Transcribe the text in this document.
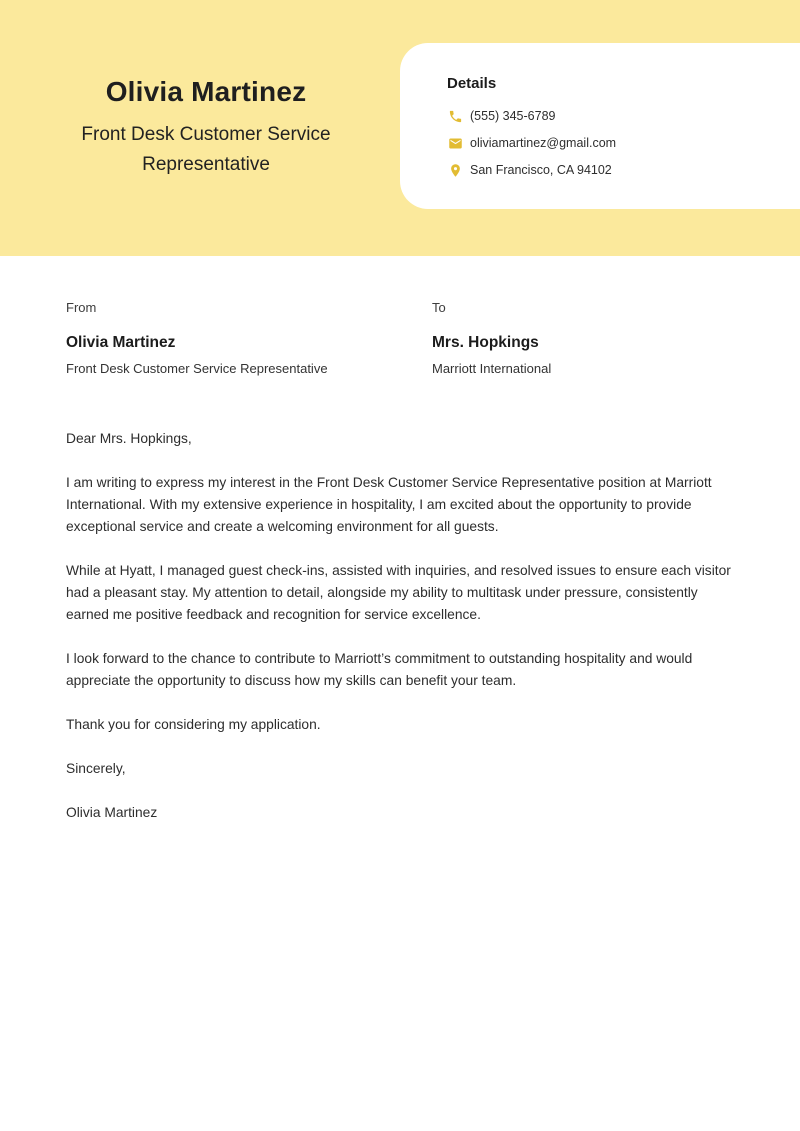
Olivia Martinez
Front Desk Customer Service Representative
Details
(555) 345-6789
oliviamartinez@gmail.com
San Francisco, CA 94102
From
Olivia Martinez
Front Desk Customer Service Representative
To
Mrs. Hopkings
Marriott International

Dear Mrs. Hopkings,

I am writing to express my interest in the Front Desk Customer Service Representative position at Marriott International. With my extensive experience in hospitality, I am excited about the opportunity to provide exceptional service and create a welcoming environment for all guests.

While at Hyatt, I managed guest check-ins, assisted with inquiries, and resolved issues to ensure each visitor had a pleasant stay. My attention to detail, alongside my ability to multitask under pressure, consistently earned me positive feedback and recognition for service excellence.

I look forward to the chance to contribute to Marriott’s commitment to outstanding hospitality and would appreciate the opportunity to discuss how my skills can benefit your team.

Thank you for considering my application.

Sincerely,

Olivia Martinez
